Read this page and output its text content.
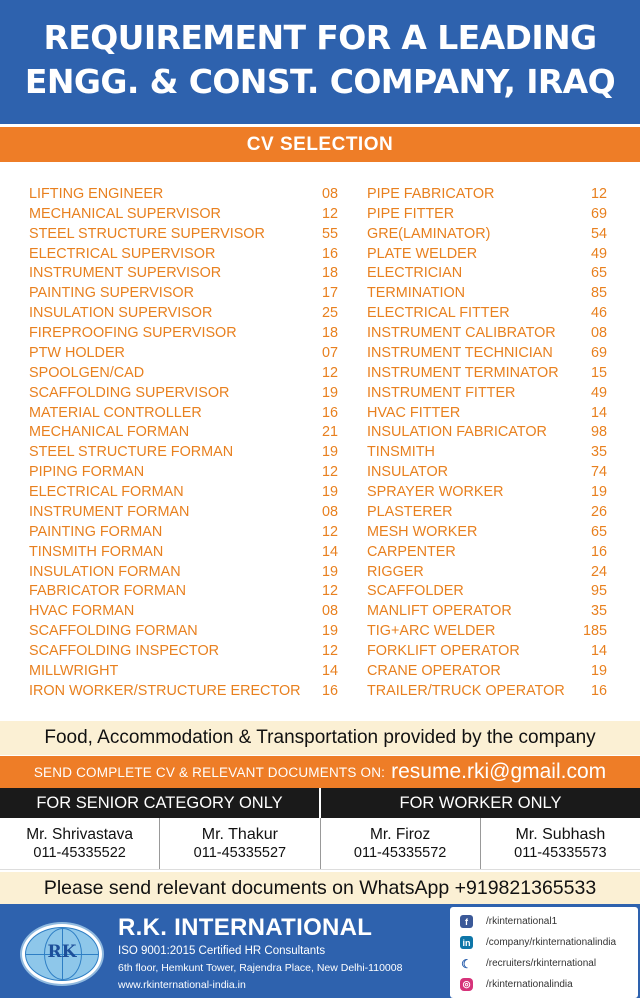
REQUIREMENT FOR A LEADING
ENGG. & CONST. COMPANY, IRAQ
CV SELECTION
LIFTING ENGINEER	08
MECHANICAL SUPERVISOR	12
STEEL STRUCTURE SUPERVISOR	55
ELECTRICAL SUPERVISOR	16
INSTRUMENT SUPERVISOR	18
PAINTING SUPERVISOR	17
INSULATION SUPERVISOR	25
FIREPROOFING SUPERVISOR	18
PTW HOLDER	07
SPOOLGEN/CAD	12
SCAFFOLDING SUPERVISOR	19
MATERIAL CONTROLLER	16
MECHANICAL FORMAN	21
STEEL STRUCTURE FORMAN	19
PIPING FORMAN	12
ELECTRICAL FORMAN	19
INSTRUMENT FORMAN	08
PAINTING FORMAN	12
TINSMITH FORMAN	14
INSULATION FORMAN	19
FABRICATOR FORMAN	12
HVAC FORMAN	08
SCAFFOLDING FORMAN	19
SCAFFOLDING INSPECTOR	12
MILLWRIGHT	14
IRON WORKER/STRUCTURE ERECTOR 16
PIPE FABRICATOR	12
PIPE FITTER	69
GRE(LAMINATOR)	54
PLATE WELDER	49
ELECTRICIAN	65
TERMINATION	85
ELECTRICAL FITTER	46
INSTRUMENT CALIBRATOR 08
INSTRUMENT TECHNICIAN	69
INSTRUMENT TERMINATOR 15
INSTRUMENT FITTER	49
HVAC FITTER	14
INSULATION FABRICATOR	98
TINSMITH	35
INSULATOR	74
SPRAYER WORKER	19
PLASTERER	26
MESH WORKER	65
CARPENTER	16
RIGGER	24
SCAFFOLDER	95
MANLIFT OPERATOR	35
TIG+ARC WELDER	185
FORKLIFT OPERATOR	14
CRANE OPERATOR	19
TRAILER/TRUCK OPERATOR 16
Food, Accommodation & Transportation provided by the company
SEND COMPLETE CV & RELEVANT DOCUMENTS ON: resume.rki@gmail.com
FOR SENIOR CATEGORY ONLY	FOR WORKER ONLY
Mr. Shrivastava
011-45335522
Mr. Thakur
011-45335527
Mr. Firoz
011-45335572
Mr. Subhash
011-45335573
Please send relevant documents on WhatsApp +919821365533
RK
R.K. INTERNATIONAL
ISO 9001:2015 Certified HR Consultants
6th floor, Hemkunt Tower, Rajendra Place, New Delhi-110008
www.rkinternational-india.in
f	/rkinternational1
in /company/rkinternationalindia
☾ /recruiters/rkinternational
◎ /rkinternationalindia
